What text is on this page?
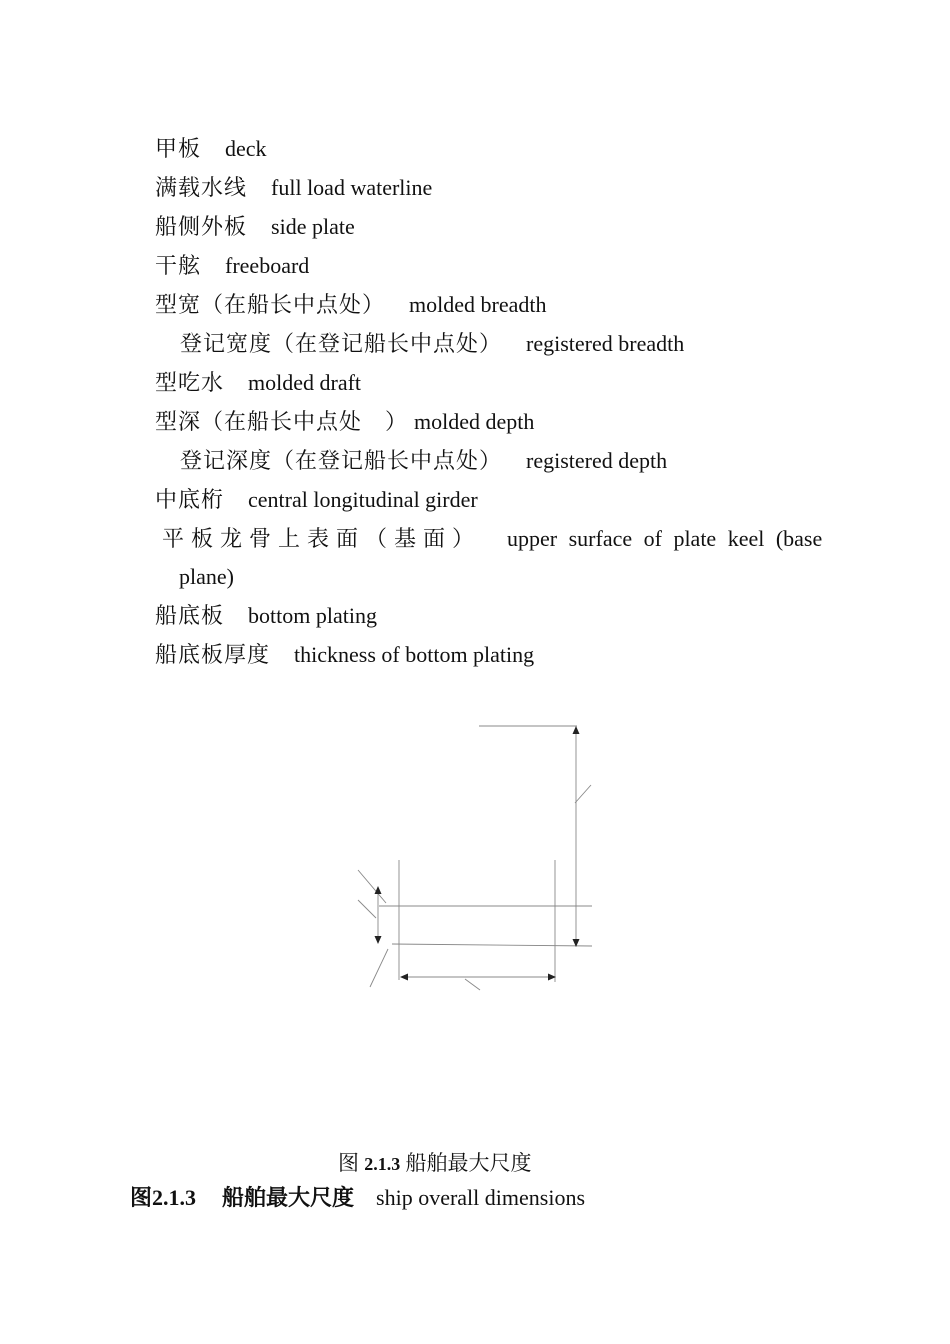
甲板 deck
满载水线 full load waterline
船侧外板 side plate
干舷 freeboard
型宽（在船长中点处） molded breadth
登记宽度（在登记船长中点处） registered breadth
型吃水 molded draft
型深（在船长中点处　） molded depth
登记深度（在登记船长中点处） registered depth
中底桁 central longitudinal girder
平板龙骨上表面（基面） upper surface of plate keel (base
plane)
船底板 bottom plating
船底板厚度 thickness of bottom plating
图 2.1.3 船舶最大尺度
图2.1.3 船舶最大尺度 ship overall dimensions
